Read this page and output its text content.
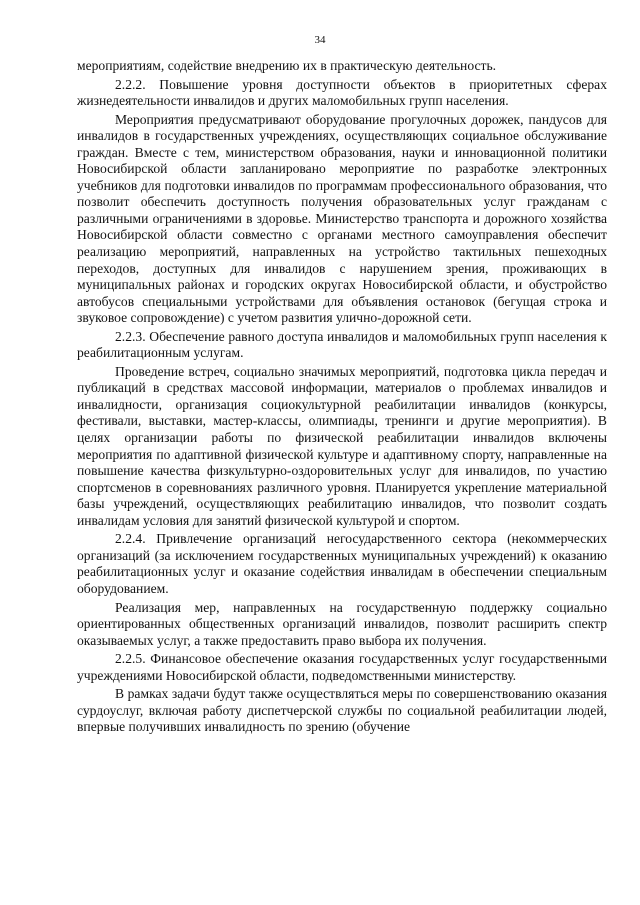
34

мероприятиям, содействие внедрению их в практическую деятельность.

2.2.2. Повышение уровня доступности объектов в приоритетных сферах жизнедеятельности инвалидов и других маломобильных групп населения.

Мероприятия предусматривают оборудование прогулочных дорожек, пандусов для инвалидов в государственных учреждениях, осуществляющих социальное обслуживание граждан. Вместе с тем, министерством образования, науки и инновационной политики Новосибирской области запланировано мероприятие по разработке электронных учебников для подготовки инвалидов по программам профессионального образования, что позволит обеспечить доступность получения образовательных услуг гражданам с различными ограничениями в здоровье. Министерство транспорта и дорожного хозяйства Новосибирской области совместно с органами местного самоуправления обеспечит реализацию мероприятий, направленных на устройство тактильных пешеходных переходов, доступных для инвалидов с нарушением зрения, проживающих в муниципальных районах и городских округах Новосибирской области, и обустройство автобусов специальными устройствами для объявления остановок (бегущая строка и звуковое сопровождение) с учетом развития улично-дорожной сети.

2.2.3. Обеспечение равного доступа инвалидов и маломобильных групп населения к реабилитационным услугам.

Проведение встреч, социально значимых мероприятий, подготовка цикла передач и публикаций в средствах массовой информации, материалов о проблемах инвалидов и инвалидности, организация социокультурной реабилитации инвалидов (конкурсы, фестивали, выставки, мастер-классы, олимпиады, тренинги и другие мероприятия). В целях организации работы по физической реабилитации инвалидов включены мероприятия по адаптивной физической культуре и адаптивному спорту, направленные на повышение качества физкультурно-оздоровительных услуг для инвалидов, по участию спортсменов в соревнованиях различного уровня. Планируется укрепление материальной базы учреждений, осуществляющих реабилитацию инвалидов, что позволит создать инвалидам условия для занятий физической культурой и спортом.

2.2.4. Привлечение организаций негосударственного сектора (некоммерческих организаций (за исключением государственных муниципальных учреждений) к оказанию реабилитационных услуг и оказание содействия инвалидам в обеспечении специальным оборудованием.

Реализация мер, направленных на государственную поддержку социально ориентированных общественных организаций инвалидов, позволит расширить спектр оказываемых услуг, а также предоставить право выбора их получения.

2.2.5. Финансовое обеспечение оказания государственных услуг государственными учреждениями Новосибирской области, подведомственными министерству.

В рамках задачи будут также осуществляться меры по совершенствованию оказания сурдоуслуг, включая работу диспетчерской службы по социальной реабилитации людей, впервые получивших инвалидность по зрению (обучение
